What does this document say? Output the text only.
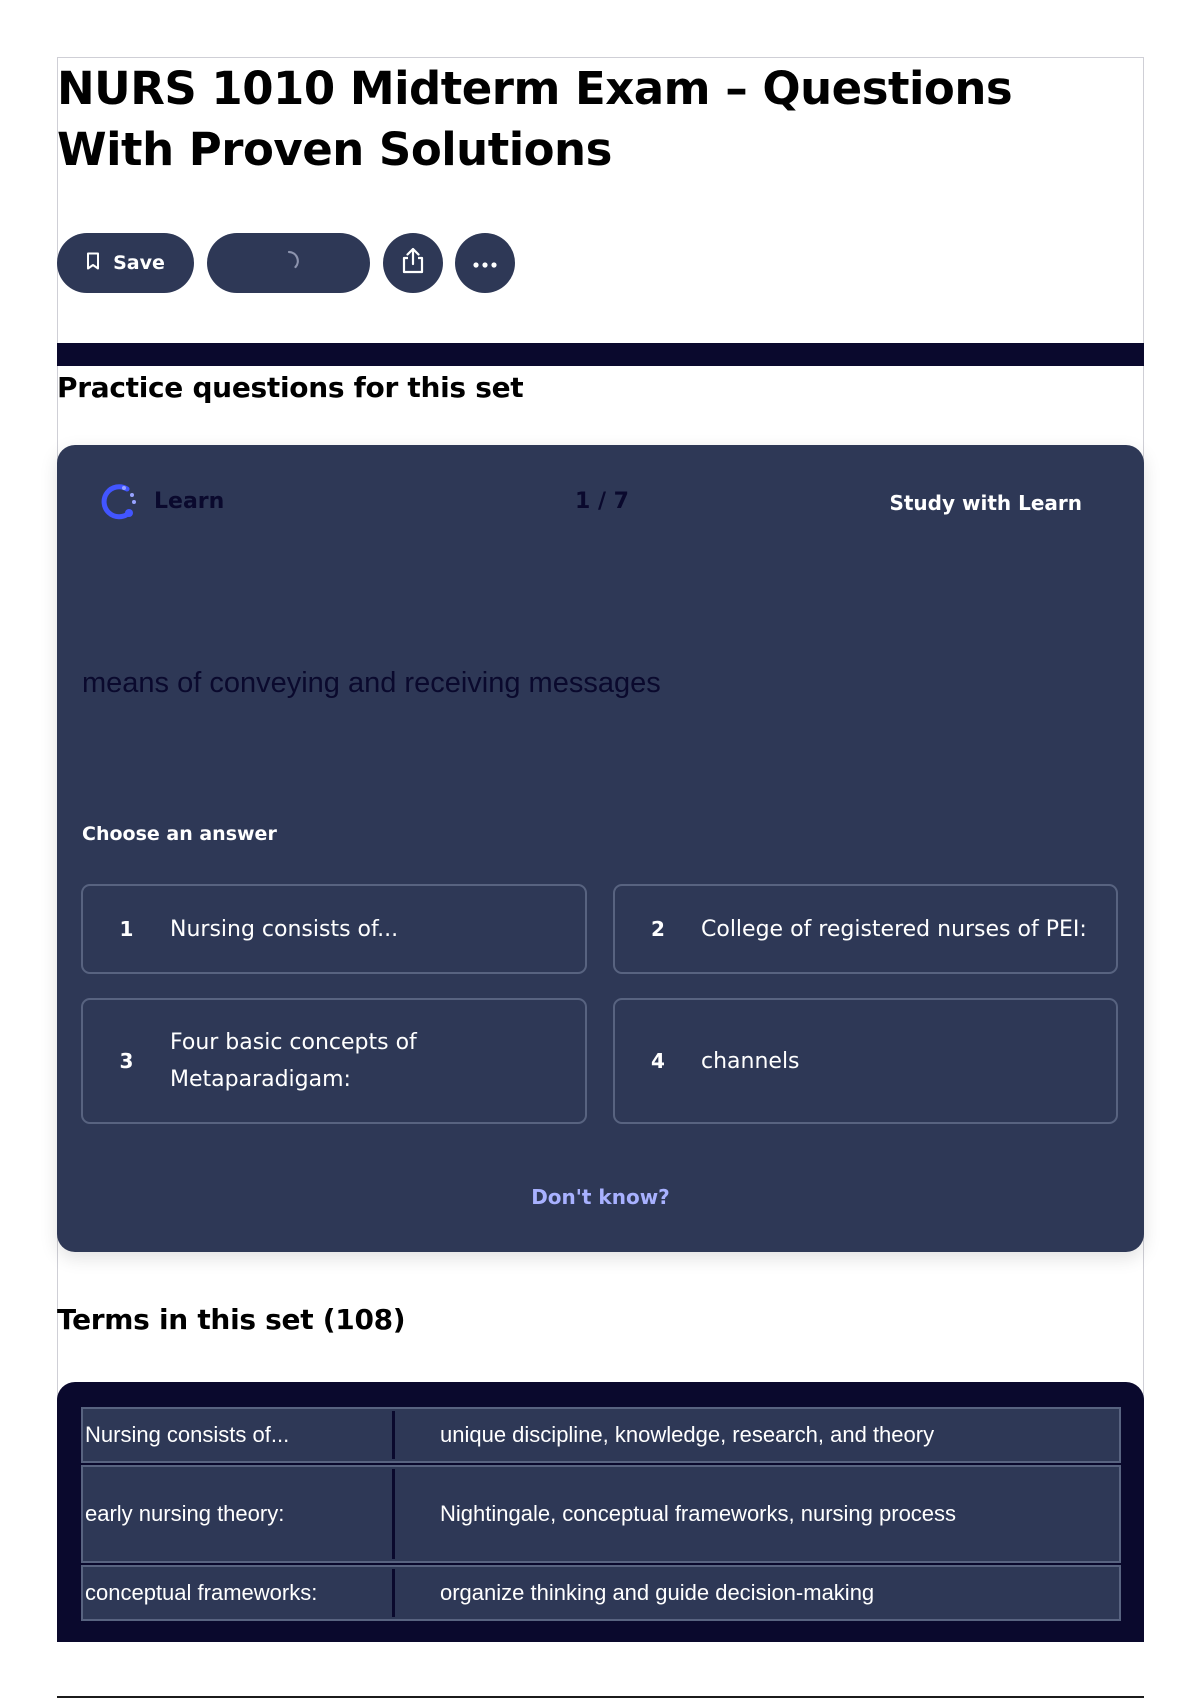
NURS 1010 Midterm Exam – Questions With Proven Solutions
Save
Practice questions for this set
Learn	1 / 7	Study with Learn
means of conveying and receiving messages
Choose an answer
1	Nursing consists of...	2	College of registered nurses of PEI:
3
Four basic concepts of Metaparadigam:
4	channels
Don't know?
Terms in this set (108)
Nursing consists of...	unique discipline, knowledge, research, and theory
early nursing theory:	Nightingale, conceptual frameworks, nursing process
conceptual frameworks:	organize thinking and guide decision-making
